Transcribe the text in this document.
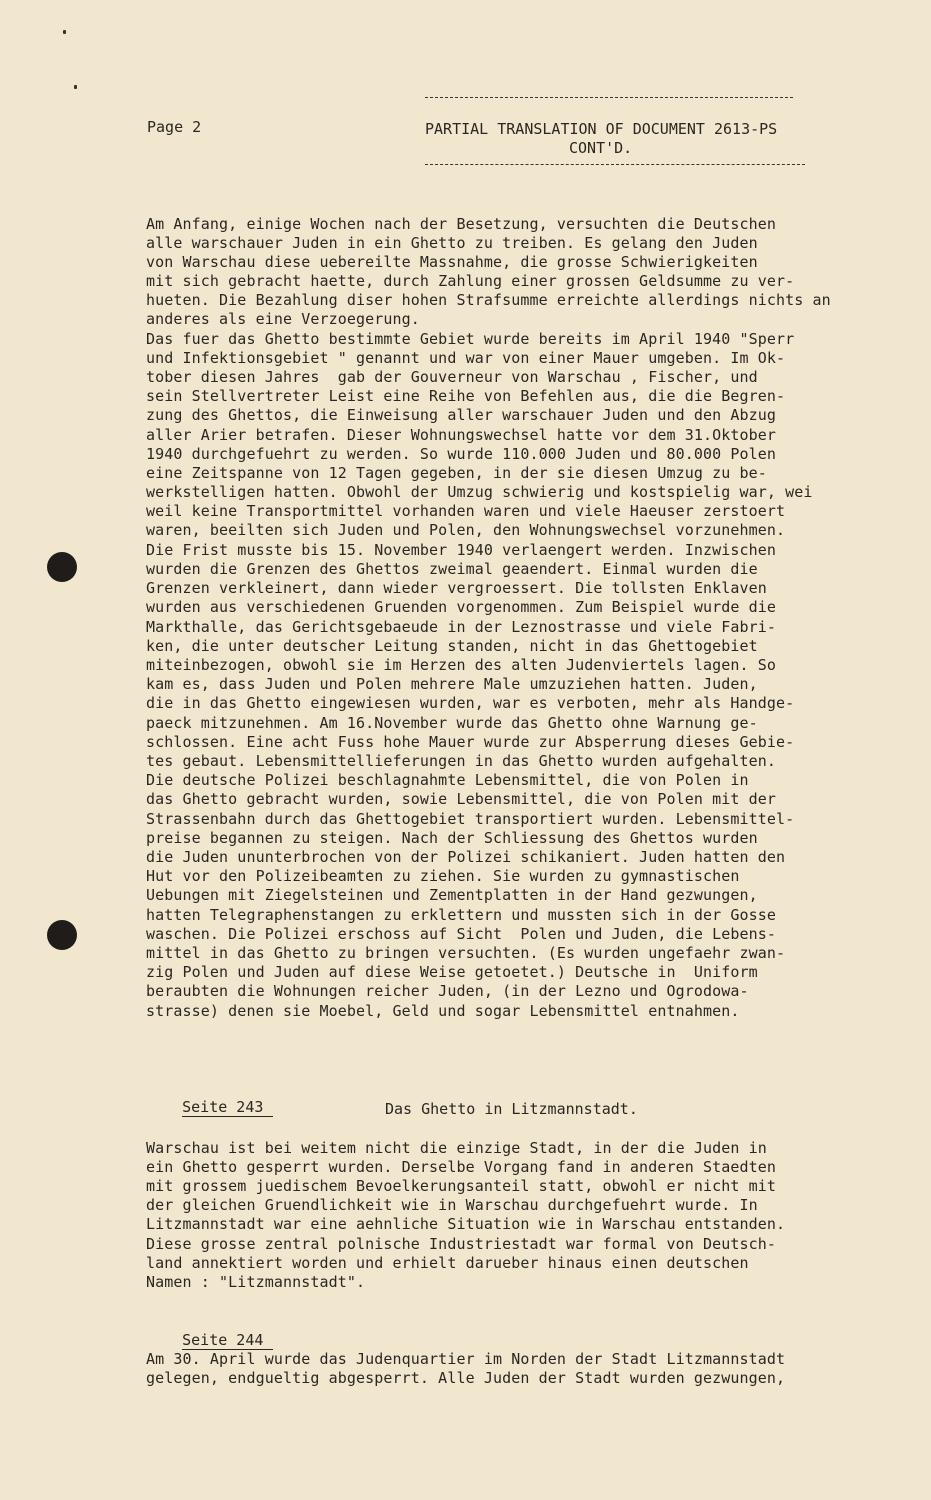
Page 2	PARTIAL TRANSLATION OF DOCUMENT 2613-PS
CONT'D.
Am Anfang, einige Wochen nach der Besetzung, versuchten die Deutschen
alle warschauer Juden in ein Ghetto zu treiben. Es gelang den Juden
von Warschau diese uebereilte Massnahme, die grosse Schwierigkeiten
mit sich gebracht haette, durch Zahlung einer grossen Geldsumme zu ver-
hueten. Die Bezahlung diser hohen Strafsumme erreichte allerdings nichts an
anderes als eine Verzoegerung.
Das fuer das Ghetto bestimmte Gebiet wurde bereits im April 1940 "Sperr
und Infektionsgebiet " genannt und war von einer Mauer umgeben. Im Ok-
tober diesen Jahres  gab der Gouverneur von Warschau , Fischer, und
sein Stellvertreter Leist eine Reihe von Befehlen aus, die die Begren-
zung des Ghettos, die Einweisung aller warschauer Juden und den Abzug
aller Arier betrafen. Dieser Wohnungswechsel hatte vor dem 31.Oktober
1940 durchgefuehrt zu werden. So wurde 110.000 Juden und 80.000 Polen
eine Zeitspanne von 12 Tagen gegeben, in der sie diesen Umzug zu be-
werkstelligen hatten. Obwohl der Umzug schwierig und kostspielig war, wei
weil keine Transportmittel vorhanden waren und viele Haeuser zerstoert
waren, beeilten sich Juden und Polen, den Wohnungswechsel vorzunehmen.
Die Frist musste bis 15. November 1940 verlaengert werden. Inzwischen
wurden die Grenzen des Ghettos zweimal geaendert. Einmal wurden die
Grenzen verkleinert, dann wieder vergroessert. Die tollsten Enklaven
wurden aus verschiedenen Gruenden vorgenommen. Zum Beispiel wurde die
Markthalle, das Gerichtsgebaeude in der Leznostrasse und viele Fabri-
ken, die unter deutscher Leitung standen, nicht in das Ghettogebiet
miteinbezogen, obwohl sie im Herzen des alten Judenviertels lagen. So
kam es, dass Juden und Polen mehrere Male umzuziehen hatten. Juden,
die in das Ghetto eingewiesen wurden, war es verboten, mehr als Handge-
paeck mitzunehmen. Am 16.November wurde das Ghetto ohne Warnung ge-
schlossen. Eine acht Fuss hohe Mauer wurde zur Absperrung dieses Gebie-
tes gebaut. Lebensmittellieferungen in das Ghetto wurden aufgehalten.
Die deutsche Polizei beschlagnahmte Lebensmittel, die von Polen in
das Ghetto gebracht wurden, sowie Lebensmittel, die von Polen mit der
Strassenbahn durch das Ghettogebiet transportiert wurden. Lebensmittel-
preise begannen zu steigen. Nach der Schliessung des Ghettos wurden
die Juden ununterbrochen von der Polizei schikaniert. Juden hatten den
Hut vor den Polizeibeamten zu ziehen. Sie wurden zu gymnastischen
Uebungen mit Ziegelsteinen und Zementplatten in der Hand gezwungen,
hatten Telegraphenstangen zu erklettern und mussten sich in der Gosse
waschen. Die Polizei erschoss auf Sicht  Polen und Juden, die Lebens-
mittel in das Ghetto zu bringen versuchten. (Es wurden ungefaehr zwan-
zig Polen und Juden auf diese Weise getoetet.) Deutsche in  Uniform
beraubten die Wohnungen reicher Juden, (in der Lezno und Ogrodowa-
strasse) denen sie Moebel, Geld und sogar Lebensmittel entnahmen.

Seite 243
	Das Ghetto in Litzmannstadt.
Warschau ist bei weitem nicht die einzige Stadt, in der die Juden in
ein Ghetto gesperrt wurden. Derselbe Vorgang fand in anderen Staedten
mit grossem juedischem Bevoelkerungsanteil statt, obwohl er nicht mit
der gleichen Gruendlichkeit wie in Warschau durchgefuehrt wurde. In
Litzmannstadt war eine aehnliche Situation wie in Warschau entstanden.
Diese grosse zentral polnische Industriestadt war formal von Deutsch-
land annektiert worden und erhielt darueber hinaus einen deutschen
Namen : "Litzmannstadt".

Seite 244

Am 30. April wurde das Judenquartier im Norden der Stadt Litzmannstadt
gelegen, endgueltig abgesperrt. Alle Juden der Stadt wurden gezwungen,
